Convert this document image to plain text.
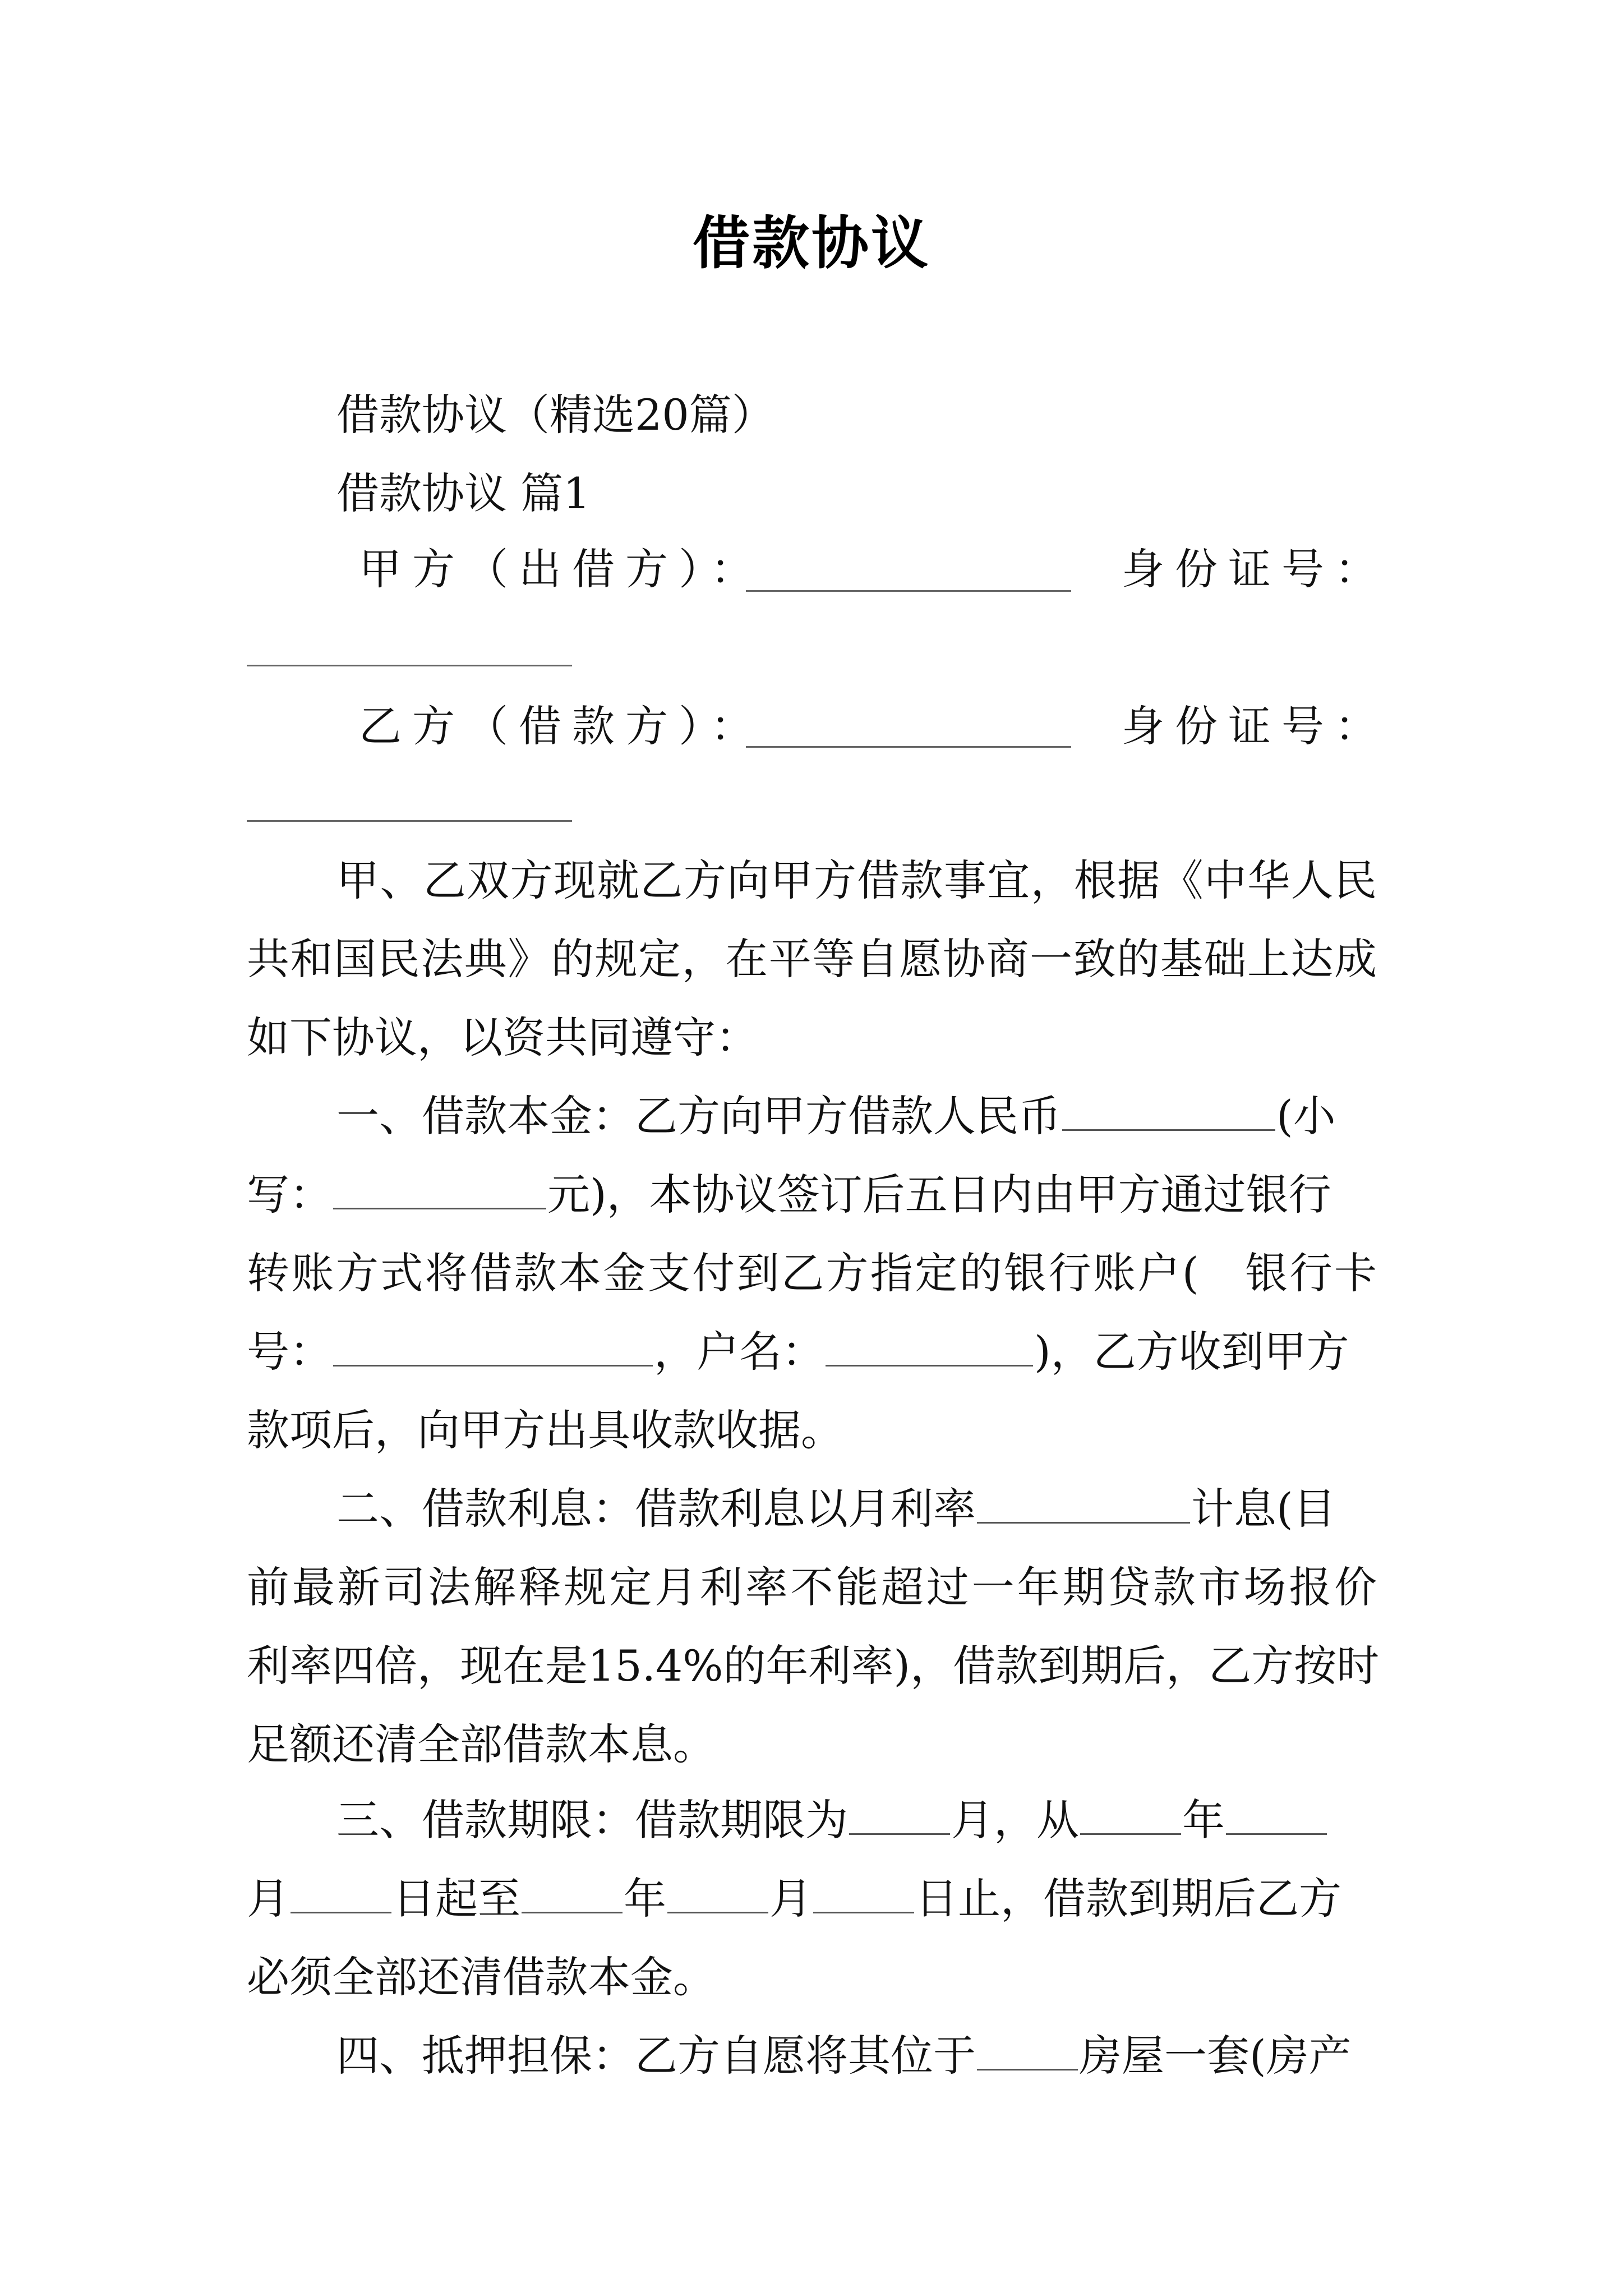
借款协议
借款协议（精选20篇）
借款协议 篇1
甲方（出借方）：	身份证号：
乙方（借款方）：	身份证号：
甲、乙双方现就乙方向甲方借款事宜，根据《中华人民
共和国民法典》的规定，在平等自愿协商一致的基础上达成
如下协议，以资共同遵守：
一、借款本金：乙方向甲方借款人民币	(小
写：	元)，本协议签订后五日内由甲方通过银行
转账方式将借款本金支付到乙方指定的银行账户(　银行卡
号：	，户名：	)，乙方收到甲方
款项后，向甲方出具收款收据。
二、借款利息：借款利息以月利率	计息(目
前最新司法解释规定月利率不能超过一年期贷款市场报价
利率四倍，现在是15.4%的年利率)，借款到期后，乙方按时
足额还清全部借款本息。
三、借款期限：借款期限为 月，从 年
月 日起至 年 月 日止，借款到期后乙方
必须全部还清借款本金。
四、抵押担保：乙方自愿将其位于 房屋一套(房产
